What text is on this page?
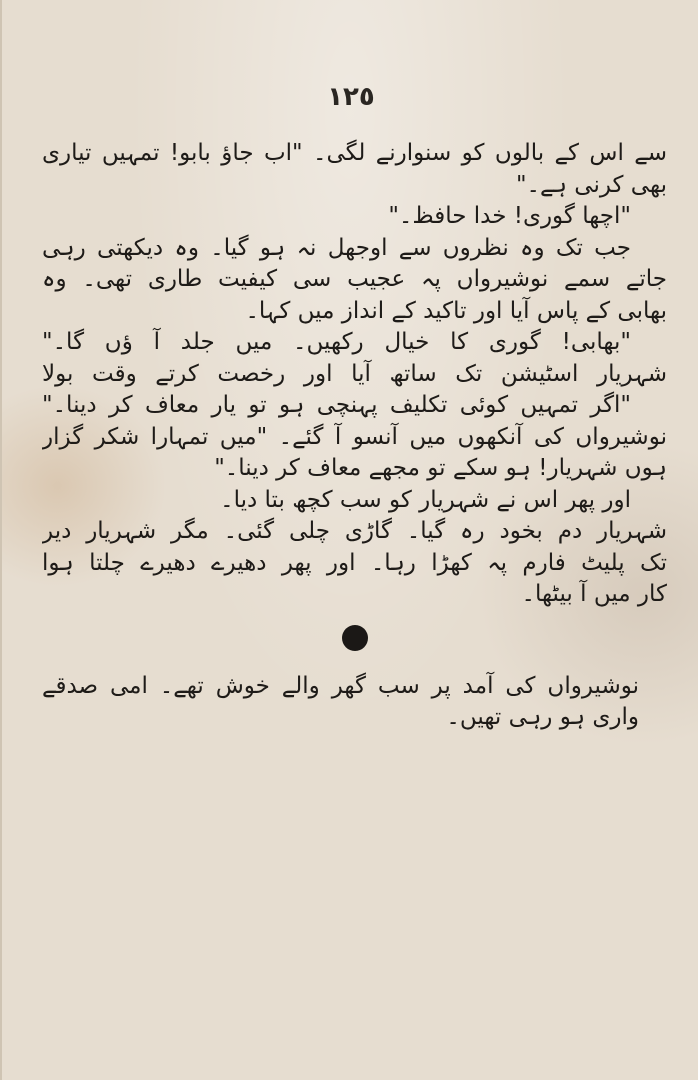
١٢٥
سے اس کے بالوں کو سنوارنے لگی۔ "اب جاؤ بابو! تمہیں تیاری
بھی کرنی ہے۔"
"اچھا گوری! خدا حافظ۔"
جب تک وہ نظروں سے اوجھل نہ ہو گیا۔ وہ دیکھتی رہی
جاتے سمے نوشیرواں پہ عجیب سی کیفیت طاری تھی۔ وہ
بھابی کے پاس آیا اور تاکید کے انداز میں کہا۔
"بھابی! گوری کا خیال رکھیں۔ میں جلد آ ؤں گا۔"
شہریار اسٹیشن تک ساتھ آیا اور رخصت کرتے وقت بولا
"اگر تمہیں کوئی تکلیف پہنچی ہو تو یار معاف کر دینا۔"
نوشیرواں کی آنکھوں میں آنسو آ گئے۔ "میں تمہارا شکر گزار
ہوں شہریار! ہو سکے تو مجھے معاف کر دینا۔"
اور پھر اس نے شہریار کو سب کچھ بتا دیا۔
شہریار دم بخود رہ گیا۔ گاڑی چلی گئی۔ مگر شہریار دیر
تک پلیٹ فارم پہ کھڑا رہا۔ اور پھر دھیرے دھیرے چلتا ہوا
کار میں آ بیٹھا۔
نوشیرواں کی آمد پر سب گھر والے خوش تھے۔ امی صدقے
واری ہو رہی تھیں۔
